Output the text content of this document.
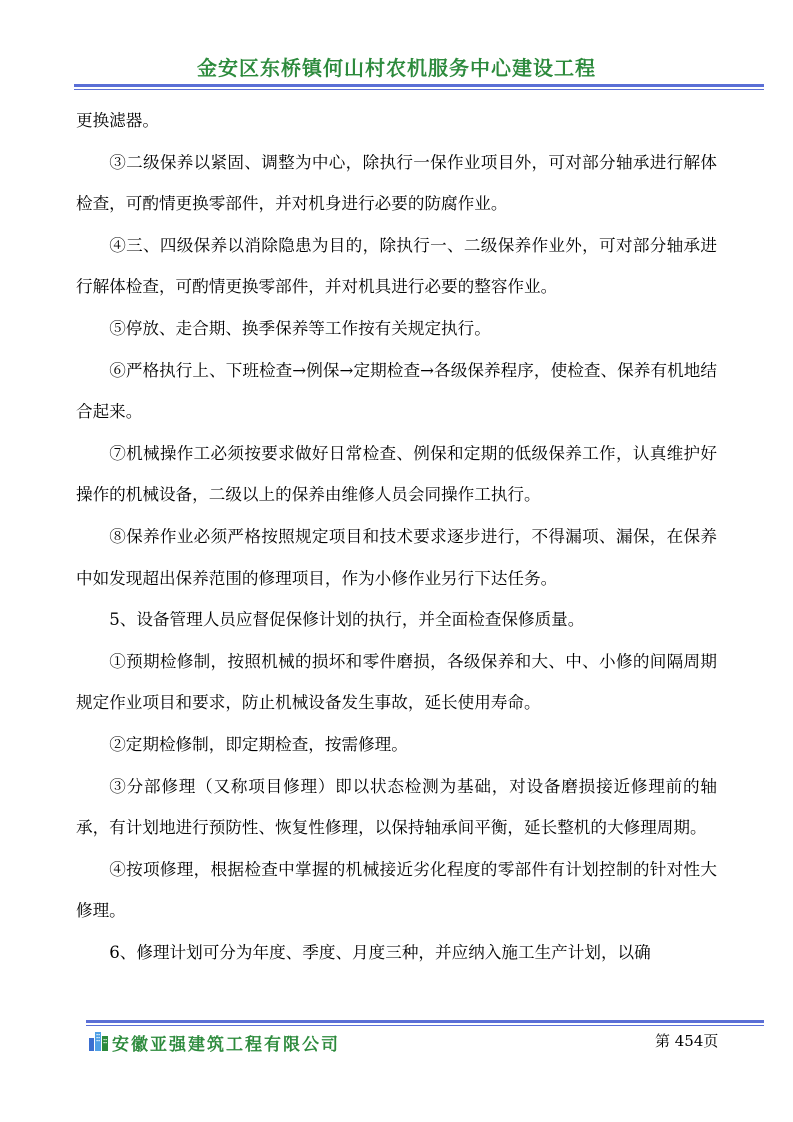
金安区东桥镇何山村农机服务中心建设工程

更换滤器。

③二级保养以紧固、调整为中心，除执行一保作业项目外，可对部分轴承进行解体检查，可酌情更换零部件，并对机身进行必要的防腐作业。

④三、四级保养以消除隐患为目的，除执行一、二级保养作业外，可对部分轴承进行解体检查，可酌情更换零部件，并对机具进行必要的整容作业。

⑤停放、走合期、换季保养等工作按有关规定执行。

⑥严格执行上、下班检查→例保→定期检查→各级保养程序，使检查、保养有机地结合起来。

⑦机械操作工必须按要求做好日常检查、例保和定期的低级保养工作，认真维护好操作的机械设备，二级以上的保养由维修人员会同操作工执行。

⑧保养作业必须严格按照规定项目和技术要求逐步进行，不得漏项、漏保，在保养中如发现超出保养范围的修理项目，作为小修作业另行下达任务。

5、设备管理人员应督促保修计划的执行，并全面检查保修质量。

①预期检修制，按照机械的损坏和零件磨损，各级保养和大、中、小修的间隔周期规定作业项目和要求，防止机械设备发生事故，延长使用寿命。

②定期检修制，即定期检查，按需修理。

③分部修理（又称项目修理）即以状态检测为基础，对设备磨损接近修理前的轴承，有计划地进行预防性、恢复性修理，以保持轴承间平衡，延长整机的大修理周期。

④按项修理，根据检查中掌握的机械接近劣化程度的零部件有计划控制的针对性大修理。

6、修理计划可分为年度、季度、月度三种，并应纳入施工生产计划，以确

安徽亚强建筑工程有限公司	第 454页
